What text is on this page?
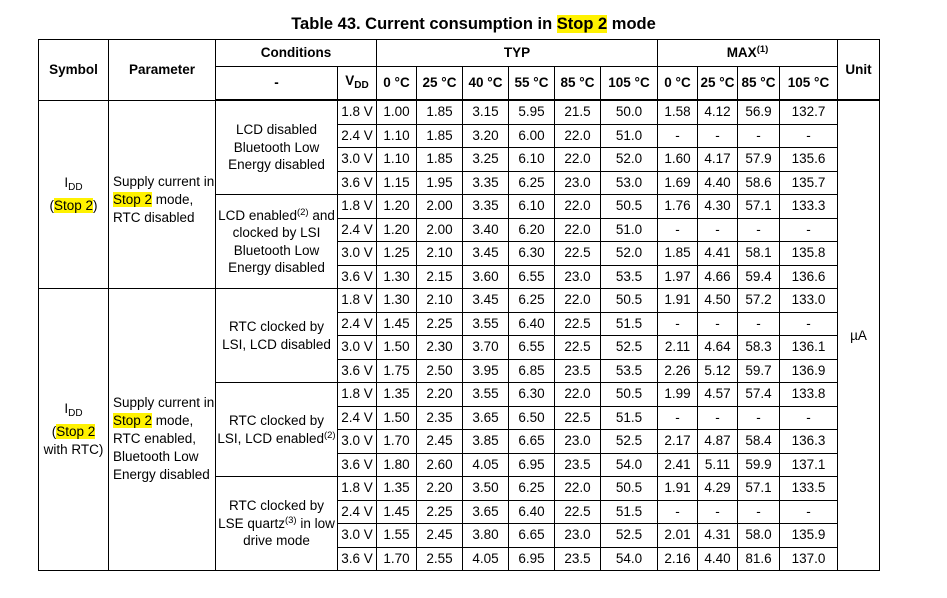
Table 43. Current consumption in Stop 2 mode
Symbol	Parameter	Conditions		TYP						MAX$^{(1)}$				Unit
		-	$V_{DD}$	0 °C	25 °C	40 °C	55 °C	85 °C	105 °C	0 °C	25 °C	85 °C	105 °C	
$I_{DD}$
(Stop 2)	Supply current in Stop 2 mode, RTC disabled	LCD disabled Bluetooth Low Energy disabled	1.8 V	1.00	1.85	3.15	5.95	21.5	50.0	1.58	4.12	56.9	132.7	µA
			2.4 V	1.10	1.85	3.20	6.00	22.0	51.0	-	-	-	-	
			3.0 V	1.10	1.85	3.25	6.10	22.0	52.0	1.60	4.17	57.9	135.6	
			3.6 V	1.15	1.95	3.35	6.25	23.0	53.0	1.69	4.40	58.6	135.7	
		LCD enabled$^{(2)}$ and clocked by LSI Bluetooth Low Energy disabled	1.8 V	1.20	2.00	3.35	6.10	22.0	50.5	1.76	4.30	57.1	133.3	
			2.4 V	1.20	2.00	3.40	6.20	22.0	51.0	-	-	-	-	
			3.0 V	1.25	2.10	3.45	6.30	22.5	52.0	1.85	4.41	58.1	135.8	
			3.6 V	1.30	2.15	3.60	6.55	23.0	53.5	1.97	4.66	59.4	136.6	
$I_{DD}$
(Stop 2 with RTC)	Supply current in Stop 2 mode, RTC enabled, Bluetooth Low Energy disabled	RTC clocked by LSI, LCD disabled	1.8 V	1.30	2.10	3.45	6.25	22.0	50.5	1.91	4.50	57.2	133.0	
			2.4 V	1.45	2.25	3.55	6.40	22.5	51.5	-	-	-	-	
			3.0 V	1.50	2.30	3.70	6.55	22.5	52.5	2.11	4.64	58.3	136.1	
			3.6 V	1.75	2.50	3.95	6.85	23.5	53.5	2.26	5.12	59.7	136.9	
		RTC clocked by LSI, LCD enabled$^{(2)}$	1.8 V	1.35	2.20	3.55	6.30	22.0	50.5	1.99	4.57	57.4	133.8	
			2.4 V	1.50	2.35	3.65	6.50	22.5	51.5	-	-	-	-	
			3.0 V	1.70	2.45	3.85	6.65	23.0	52.5	2.17	4.87	58.4	136.3	
			3.6 V	1.80	2.60	4.05	6.95	23.5	54.0	2.41	5.11	59.9	137.1	
		RTC clocked by LSE quartz$^{(3)}$ in low drive mode	1.8 V	1.35	2.20	3.50	6.25	22.0	50.5	1.91	4.29	57.1	133.5	
			2.4 V	1.45	2.25	3.65	6.40	22.5	51.5	-	-	-	-	
			3.0 V	1.55	2.45	3.80	6.65	23.0	52.5	2.01	4.31	58.0	135.9	
			3.6 V	1.70	2.55	4.05	6.95	23.5	54.0	2.16	4.40	81.6	137.0	
